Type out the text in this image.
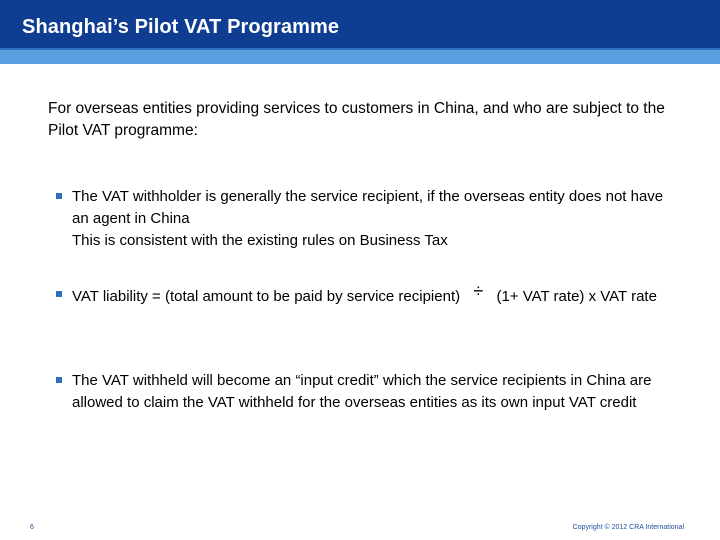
Shanghai’s Pilot VAT Programme
For overseas entities providing services to customers in China, and who are subject to the Pilot VAT programme:
The VAT withholder is generally the service recipient, if the overseas entity does not have an agent in China
This is consistent with the existing rules on Business Tax
VAT liability = (total amount to be paid by service recipient) ÷ (1+ VAT rate) x VAT rate
The VAT withheld will become an “input credit” which the service recipients in China are allowed to claim the VAT withheld for the overseas entities as its own input VAT credit
6	Copyright © 2012 CRA International
